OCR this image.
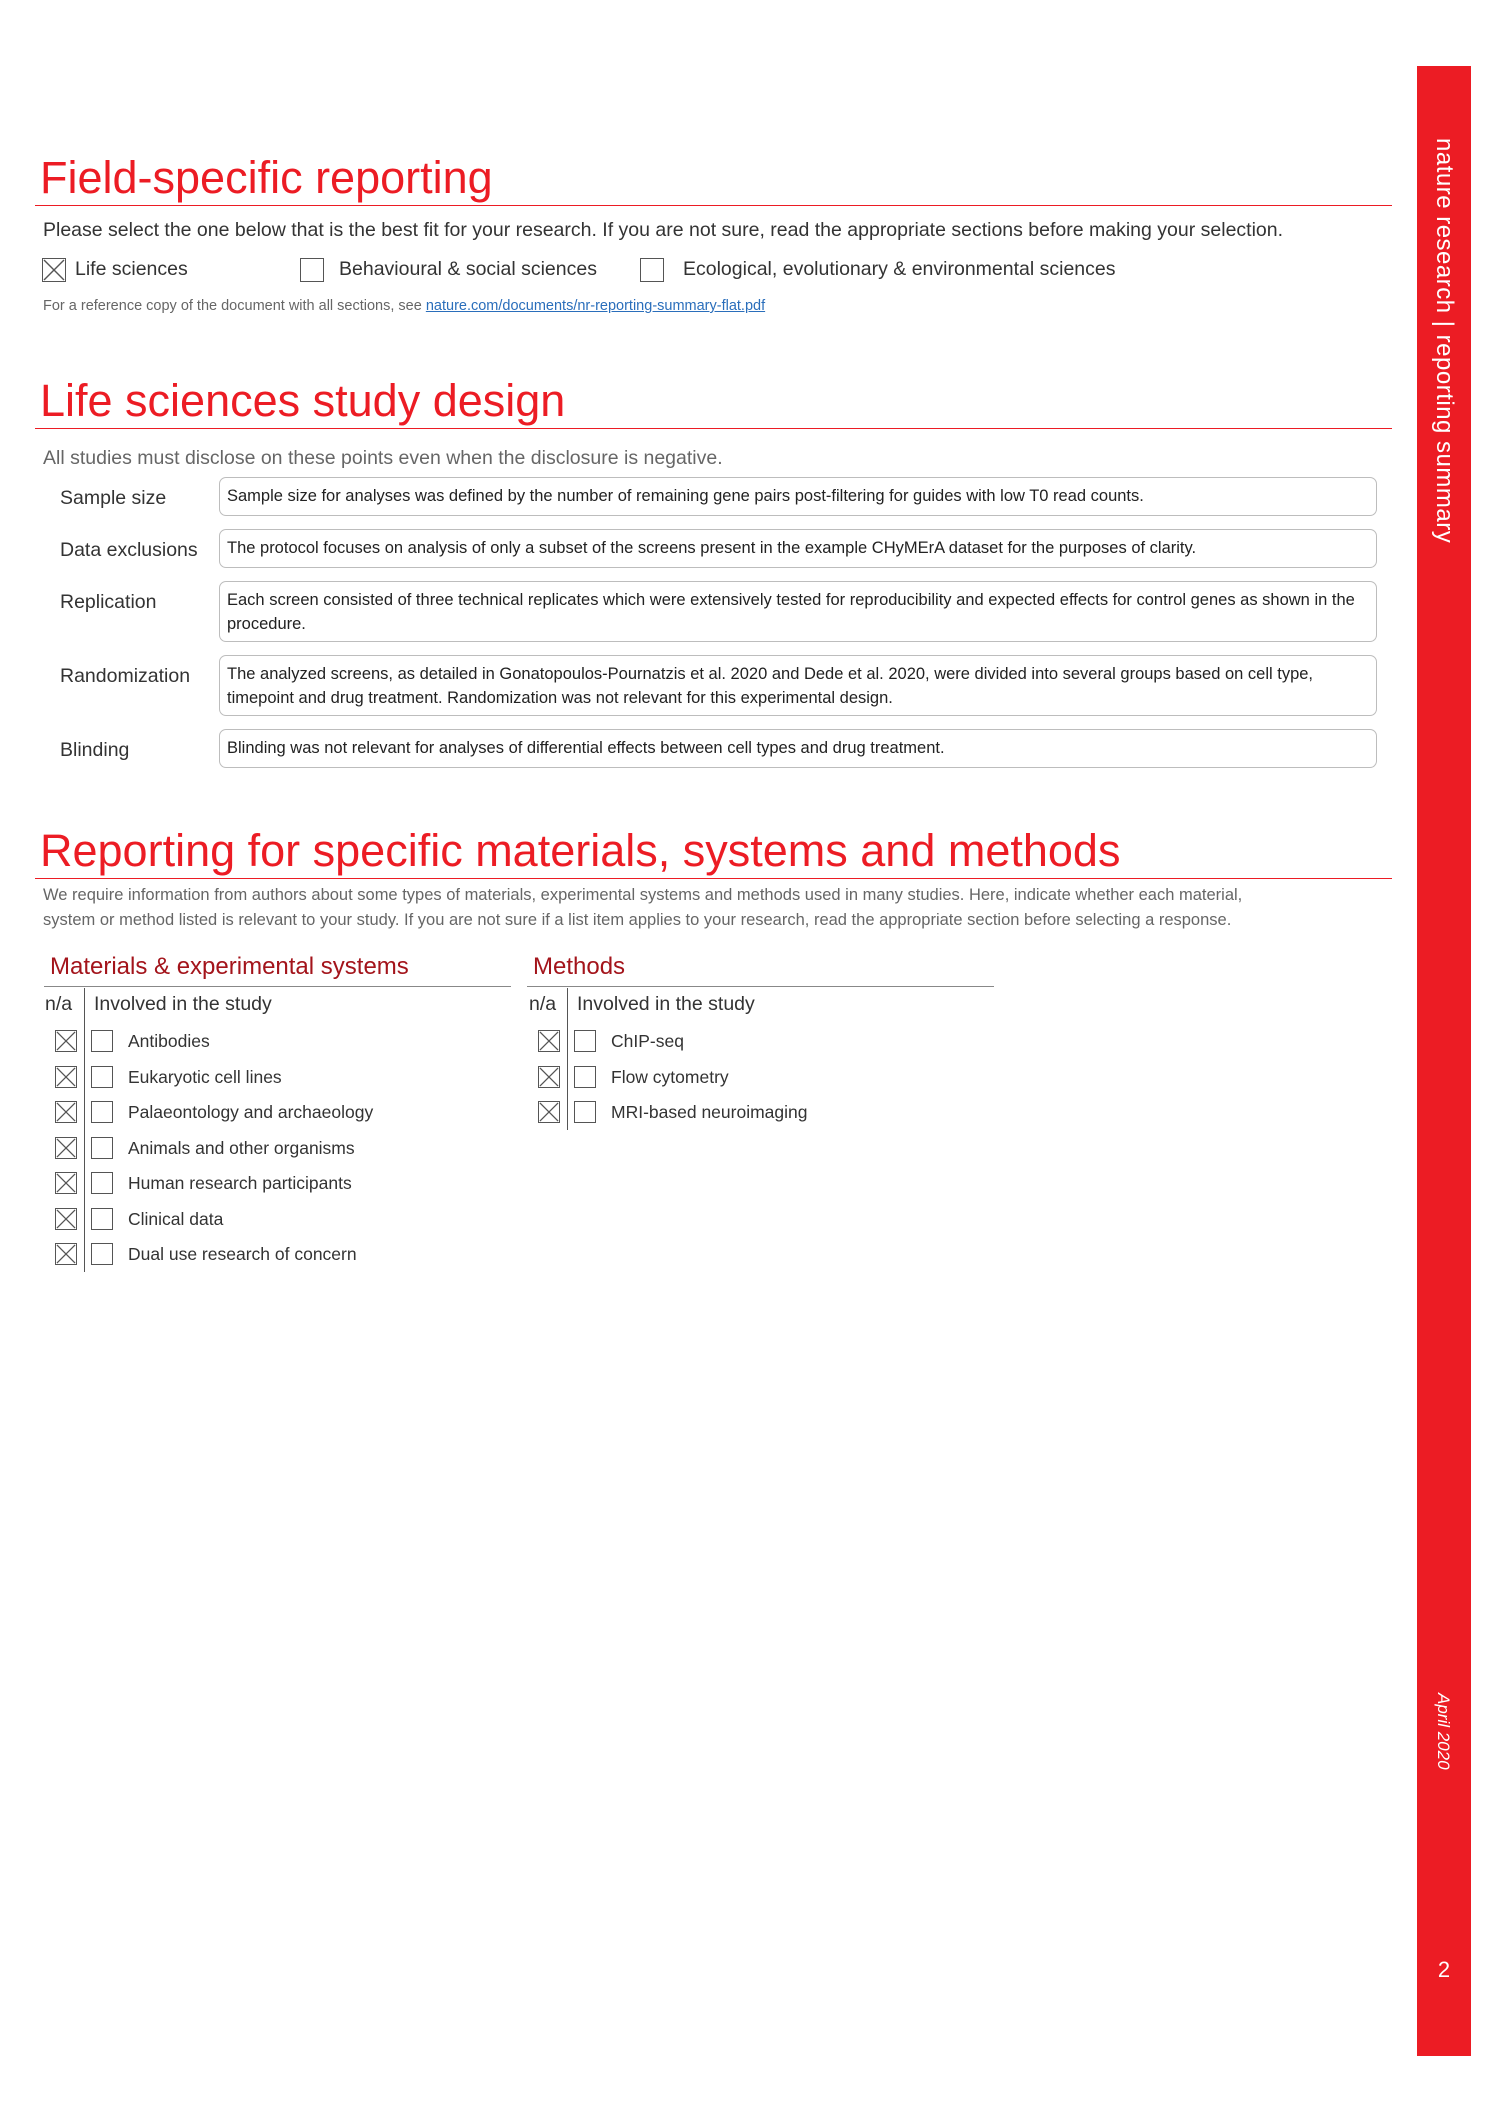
nature research | reporting summary
April 2020
2
Field-specific reporting
Please select the one below that is the best fit for your research. If you are not sure, read the appropriate sections before making your selection.
Life sciences	Behavioural & social sciences	Ecological, evolutionary & environmental sciences
For a reference copy of the document with all sections, see nature.com/documents/nr-reporting-summary-flat.pdf
Life sciences study design
All studies must disclose on these points even when the disclosure is negative.
Sample size	Sample size for analyses was defined by the number of remaining gene pairs post-filtering for guides with low T0 read counts.
Data exclusions	The protocol focuses on analysis of only a subset of the screens present in the example CHyMErA dataset for the purposes of clarity.
Replication	Each screen consisted of three technical replicates which were extensively tested for reproducibility and expected effects for control genes as shown in the procedure.
Randomization	The analyzed screens, as detailed in Gonatopoulos-Pournatzis et al. 2020 and Dede et al. 2020, were divided into several groups based on cell type, timepoint and drug treatment. Randomization was not relevant for this experimental design.
Blinding	Blinding was not relevant for analyses of differential effects between cell types and drug treatment.
Reporting for specific materials, systems and methods
We require information from authors about some types of materials, experimental systems and methods used in many studies. Here, indicate whether each material,
system or method listed is relevant to your study. If you are not sure if a list item applies to your research, read the appropriate section before selecting a response.
Materials & experimental systems
n/a Involved in the study
Antibodies
Eukaryotic cell lines
Palaeontology and archaeology
Animals and other organisms
Human research participants
Clinical data
Dual use research of concern
Methods
n/a Involved in the study
ChIP-seq
Flow cytometry
MRI-based neuroimaging
